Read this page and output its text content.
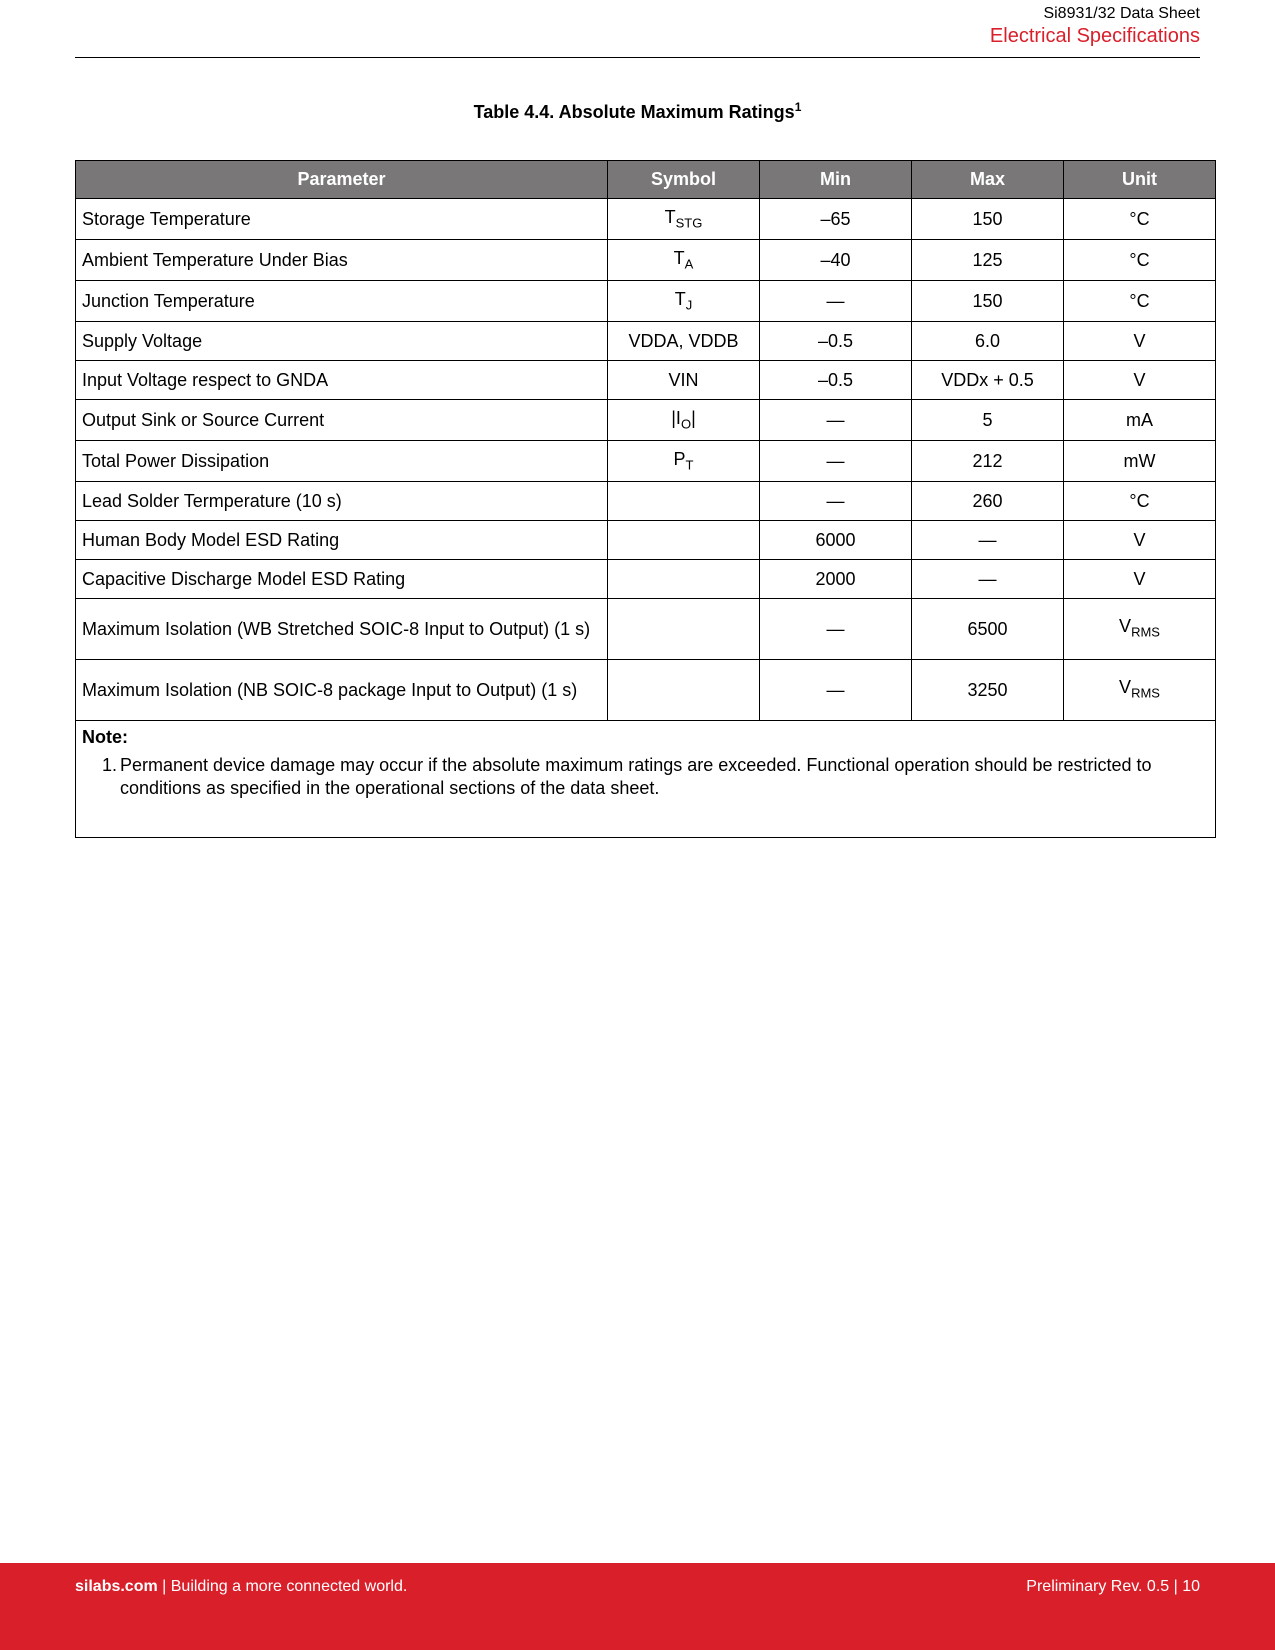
Si8931/32 Data Sheet
Electrical Specifications
Table 4.4. Absolute Maximum Ratings$^1$
Parameter	Symbol	Min	Max	Unit
Storage Temperature	$T_{STG}$	–65	150	°C
Ambient Temperature Under Bias	$T_A$	–40	125	°C
Junction Temperature	$T_J$	—	150	°C
Supply Voltage	VDDA, VDDB	–0.5	6.0	V
Input Voltage respect to GNDA	VIN	–0.5	VDDx + 0.5	V
Output Sink or Source Current	$|I_O|$	—	5	mA
Total Power Dissipation	$P_T$	—	212	mW
Lead Solder Termperature (10 s)		—	260	°C
Human Body Model ESD Rating		6000	—	V
Capacitive Discharge Model ESD Rating		2000	—	V
Maximum Isolation (WB Stretched SOIC-8 Input to Output) (1 s)		—	6500	$V_{RMS}$
Maximum Isolation (NB SOIC-8 package Input to Output) (1 s)		—	3250	$V_{RMS}$

Note:
1. Permanent device damage may occur if the absolute maximum ratings are exceeded. Functional operation should be restricted to conditions as specified in the operational sections of the data sheet.				
silabs.com | Building a more connected world.	Preliminary Rev. 0.5 | 10
